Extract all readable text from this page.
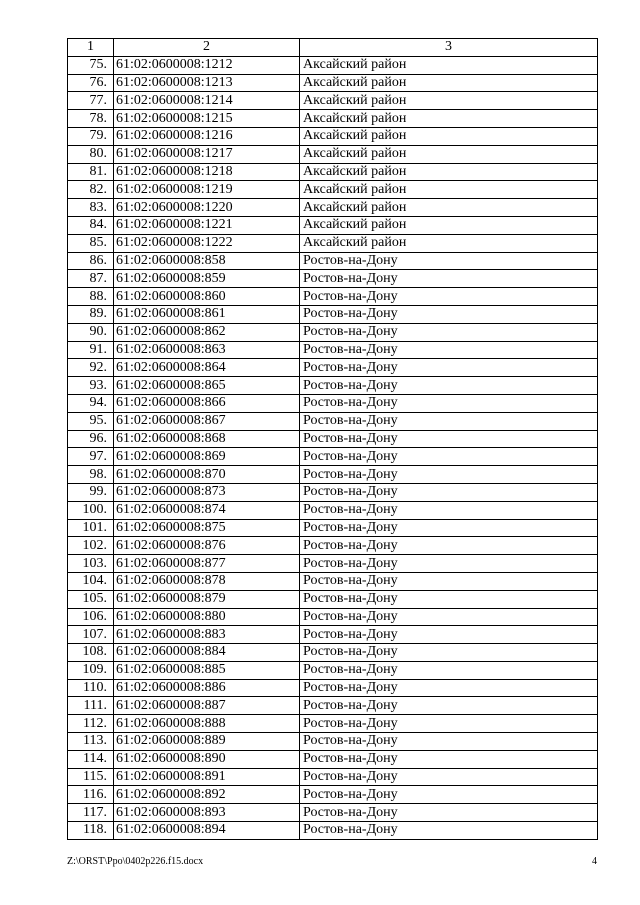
1	2	3
75.	61:02:0600008:1212	Аксайский район
76.	61:02:0600008:1213	Аксайский район
77.	61:02:0600008:1214	Аксайский район
78.	61:02:0600008:1215	Аксайский район
79.	61:02:0600008:1216	Аксайский район
80.	61:02:0600008:1217	Аксайский район
81.	61:02:0600008:1218	Аксайский район
82.	61:02:0600008:1219	Аксайский район
83.	61:02:0600008:1220	Аксайский район
84.	61:02:0600008:1221	Аксайский район
85.	61:02:0600008:1222	Аксайский район
86.	61:02:0600008:858	Ростов-на-Дону
87.	61:02:0600008:859	Ростов-на-Дону
88.	61:02:0600008:860	Ростов-на-Дону
89.	61:02:0600008:861	Ростов-на-Дону
90.	61:02:0600008:862	Ростов-на-Дону
91.	61:02:0600008:863	Ростов-на-Дону
92.	61:02:0600008:864	Ростов-на-Дону
93.	61:02:0600008:865	Ростов-на-Дону
94.	61:02:0600008:866	Ростов-на-Дону
95.	61:02:0600008:867	Ростов-на-Дону
96.	61:02:0600008:868	Ростов-на-Дону
97.	61:02:0600008:869	Ростов-на-Дону
98.	61:02:0600008:870	Ростов-на-Дону
99.	61:02:0600008:873	Ростов-на-Дону
100.	61:02:0600008:874	Ростов-на-Дону
101.	61:02:0600008:875	Ростов-на-Дону
102.	61:02:0600008:876	Ростов-на-Дону
103.	61:02:0600008:877	Ростов-на-Дону
104.	61:02:0600008:878	Ростов-на-Дону
105.	61:02:0600008:879	Ростов-на-Дону
106.	61:02:0600008:880	Ростов-на-Дону
107.	61:02:0600008:883	Ростов-на-Дону
108.	61:02:0600008:884	Ростов-на-Дону
109.	61:02:0600008:885	Ростов-на-Дону
110.	61:02:0600008:886	Ростов-на-Дону
111.	61:02:0600008:887	Ростов-на-Дону
112.	61:02:0600008:888	Ростов-на-Дону
113.	61:02:0600008:889	Ростов-на-Дону
114.	61:02:0600008:890	Ростов-на-Дону
115.	61:02:0600008:891	Ростов-на-Дону
116.	61:02:0600008:892	Ростов-на-Дону
117.	61:02:0600008:893	Ростов-на-Дону
118.	61:02:0600008:894	Ростов-на-Дону
Z:\ORST\Ppo\0402p226.f15.docx	4
